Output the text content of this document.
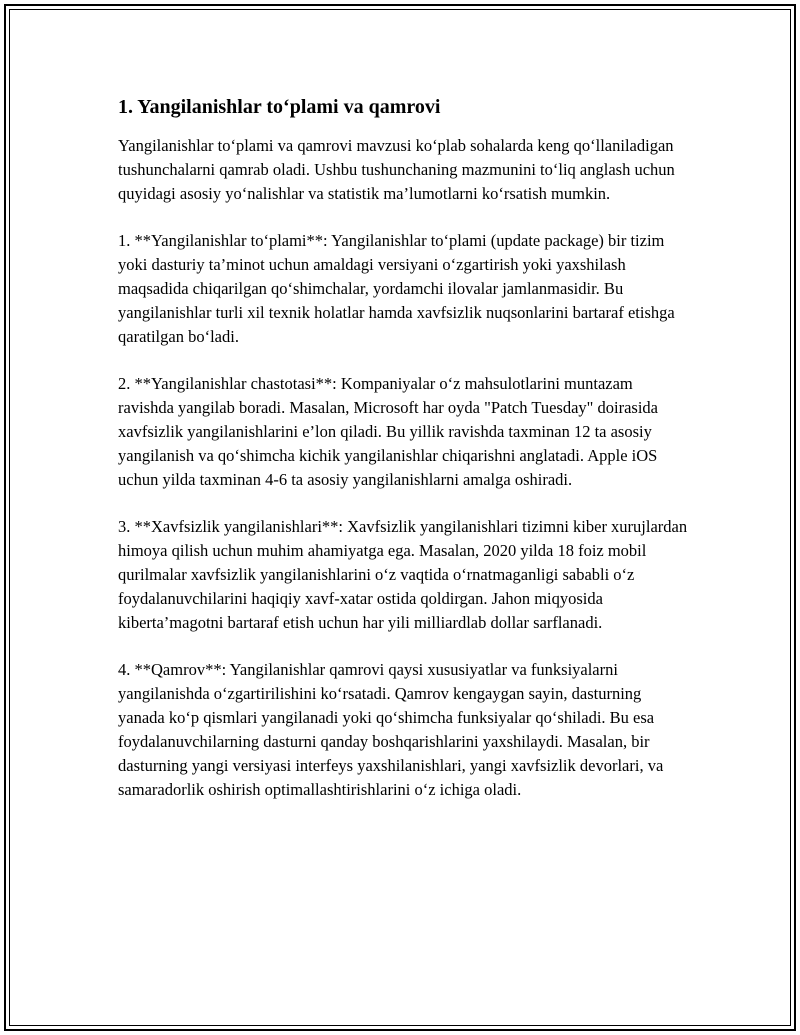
1. Yangilanishlar to‘plami va qamrovi

Yangilanishlar to‘plami va qamrovi mavzusi ko‘plab sohalarda keng qo‘llaniladigan tushunchalarni qamrab oladi. Ushbu tushunchaning mazmunini to‘liq anglash uchun quyidagi asosiy yo‘nalishlar va statistik ma’lumotlarni ko‘rsatish mumkin.

1. **Yangilanishlar to‘plami**: Yangilanishlar to‘plami (update package) bir tizim yoki dasturiy ta’minot uchun amaldagi versiyani o‘zgartirish yoki yaxshilash maqsadida chiqarilgan qo‘shimchalar, yordamchi ilovalar jamlanmasidir. Bu yangilanishlar turli xil texnik holatlar hamda xavfsizlik nuqsonlarini bartaraf etishga qaratilgan bo‘ladi.

2. **Yangilanishlar chastotasi**: Kompaniyalar o‘z mahsulotlarini muntazam ravishda yangilab boradi. Masalan, Microsoft har oyda "Patch Tuesday" doirasida xavfsizlik yangilanishlarini e’lon qiladi. Bu yillik ravishda taxminan 12 ta asosiy yangilanish va qo‘shimcha kichik yangilanishlar chiqarishni anglatadi. Apple iOS uchun yilda taxminan 4-6 ta asosiy yangilanishlarni amalga oshiradi.

3. **Xavfsizlik yangilanishlari**: Xavfsizlik yangilanishlari tizimni kiber xurujlardan himoya qilish uchun muhim ahamiyatga ega. Masalan, 2020 yilda 18 foiz mobil qurilmalar xavfsizlik yangilanishlarini o‘z vaqtida o‘rnatmaganligi sababli o‘z foydalanuvchilarini haqiqiy xavf-xatar ostida qoldirgan. Jahon miqyosida kiberta’magotni bartaraf etish uchun har yili milliardlab dollar sarflanadi.

4. **Qamrov**: Yangilanishlar qamrovi qaysi xususiyatlar va funksiyalarni yangilanishda o‘zgartirilishini ko‘rsatadi. Qamrov kengaygan sayin, dasturning yanada ko‘p qismlari yangilanadi yoki qo‘shimcha funksiyalar qo‘shiladi. Bu esa foydalanuvchilarning dasturni qanday boshqarishlarini yaxshilaydi. Masalan, bir dasturning yangi versiyasi interfeys yaxshilanishlari, yangi xavfsizlik devorlari, va samaradorlik oshirish optimallashtirishlarini o‘z ichiga oladi.
